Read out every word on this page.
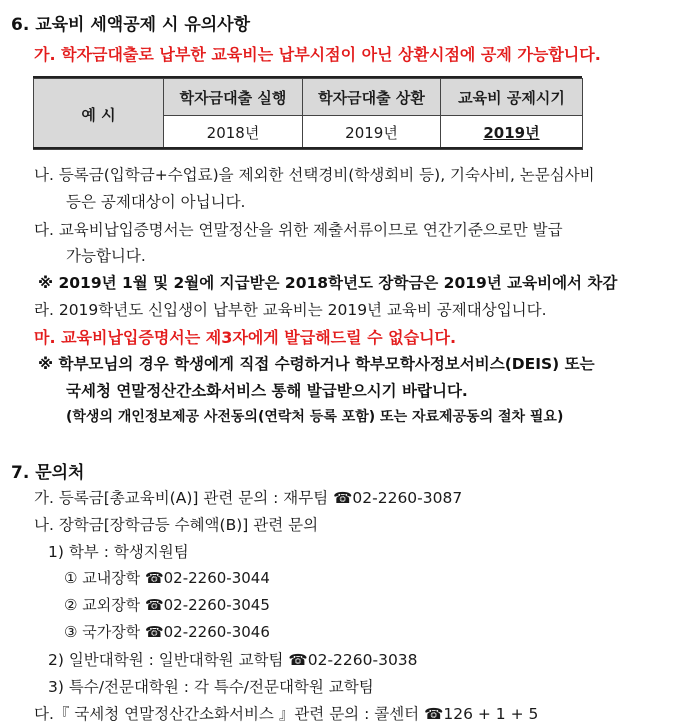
6. 교육비 세액공제 시 유의사항
가. 학자금대출로 납부한 교육비는 납부시점이 아닌 상환시점에 공제 가능합니다.
예 시	학자금대출 실행	학자금대출 상환	교육비 공제시기
	2018년	2019년	2019년
나. 등록금(입학금+수업료)을 제외한 선택경비(학생회비 등), 기숙사비, 논문심사비
등은 공제대상이 아닙니다.
다. 교육비납입증명서는 연말정산을 위한 제출서류이므로 연간기준으로만 발급
가능합니다.
※ 2019년 1월 및 2월에 지급받은 2018학년도 장학금은 2019년 교육비에서 차감
라. 2019학년도 신입생이 납부한 교육비는 2019년 교육비 공제대상입니다.
마. 교육비납입증명서는 제3자에게 발급해드릴 수 없습니다.
※ 학부모님의 경우 학생에게 직접 수령하거나 학부모학사정보서비스(DEIS) 또는
국세청 연말정산간소화서비스 통해 발급받으시기 바랍니다.
(학생의 개인정보제공 사전동의(연락처 등록 포함) 또는 자료제공동의 절차 필요)
7. 문의처
가. 등록금[총교육비(A)] 관련 문의 : 재무팀 ☎02-2260-3087
나. 장학금[장학금등 수혜액(B)] 관련 문의
1) 학부 : 학생지원팀
① 교내장학 ☎02-2260-3044
② 교외장학 ☎02-2260-3045
③ 국가장학 ☎02-2260-3046
2) 일반대학원 : 일반대학원 교학팀 ☎02-2260-3038
3) 특수/전문대학원 : 각 특수/전문대학원 교학팀
다.『 국세청 연말정산간소화서비스 』관련 문의 : 콜센터 ☎126 + 1 + 5
